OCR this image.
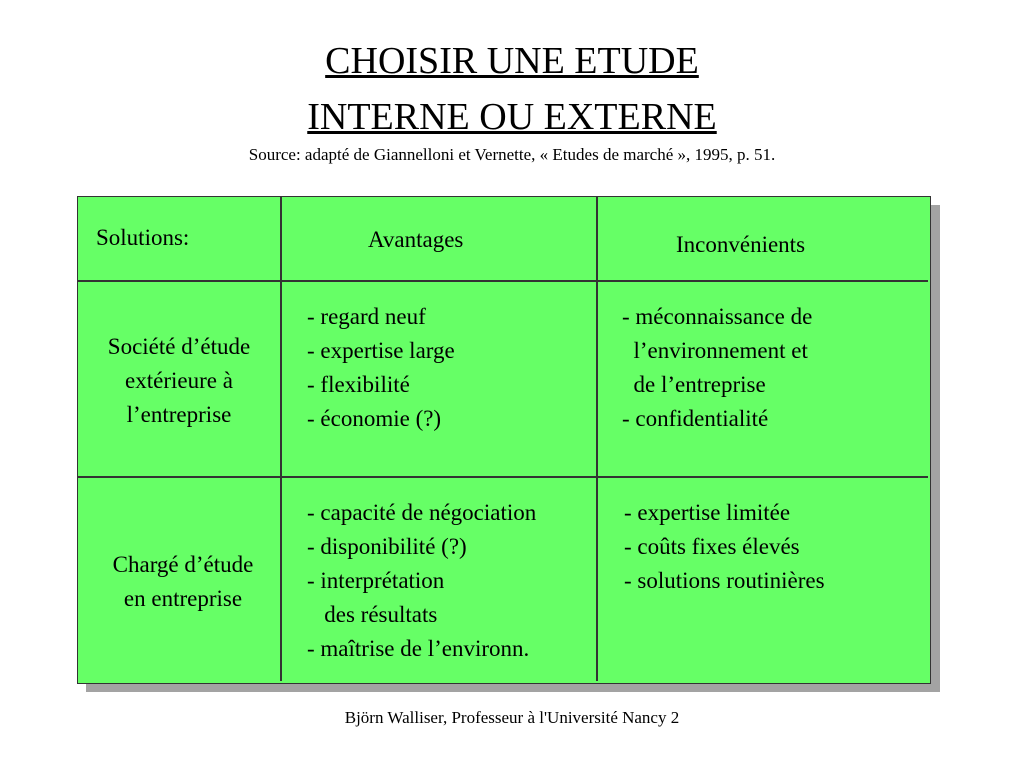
CHOISIR UNE ETUDE
INTERNE OU EXTERNE
Source: adapté de Giannelloni et Vernette, « Etudes de marché », 1995, p. 51.
Solutions:	Avantages	Inconvénients
Société d’étude
extérieure à
l’entreprise
- regard neuf
- expertise large
- flexibilité
- économie (?)
- méconnaissance de
l’environnement et
de l’entreprise
- confidentialité
Chargé d’étude
en entreprise
- capacité de négociation
- disponibilité (?)
- interprétation
des résultats
- maîtrise de l’environn.
- expertise limitée
- coûts fixes élevés
- solutions routinières
Björn Walliser, Professeur à l'Université Nancy 2
